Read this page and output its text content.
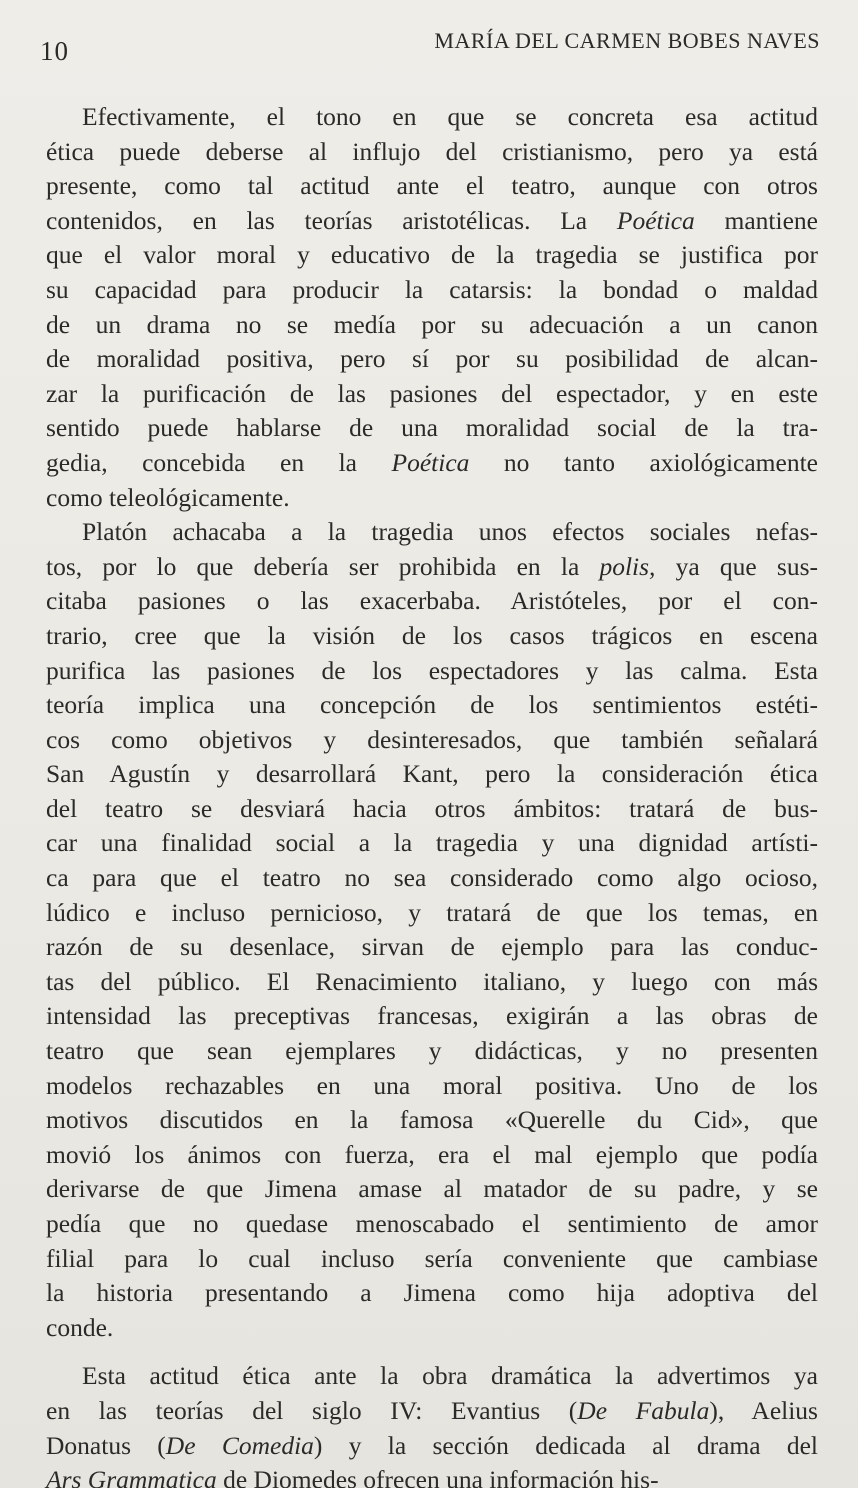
10	MARÍA DEL CARMEN BOBES NAVES
Efectivamente, el tono en que se concreta esa actitud
ética puede deberse al influjo del cristianismo, pero ya está
presente, como tal actitud ante el teatro, aunque con otros
contenidos, en las teorías aristotélicas. La Poética mantiene
que el valor moral y educativo de la tragedia se justifica por
su capacidad para producir la catarsis: la bondad o maldad
de un drama no se medía por su adecuación a un canon
de moralidad positiva, pero sí por su posibilidad de alcan-
zar la purificación de las pasiones del espectador, y en este
sentido puede hablarse de una moralidad social de la tra-
gedia, concebida en la Poética no tanto axiológicamente
como teleológicamente.
Platón achacaba a la tragedia unos efectos sociales nefas-
tos, por lo que debería ser prohibida en la polis, ya que sus-
citaba pasiones o las exacerbaba. Aristóteles, por el con-
trario, cree que la visión de los casos trágicos en escena
purifica las pasiones de los espectadores y las calma. Esta
teoría implica una concepción de los sentimientos estéti-
cos como objetivos y desinteresados, que también señalará
San Agustín y desarrollará Kant, pero la consideración ética
del teatro se desviará hacia otros ámbitos: tratará de bus-
car una finalidad social a la tragedia y una dignidad artísti-
ca para que el teatro no sea considerado como algo ocioso,
lúdico e incluso pernicioso, y tratará de que los temas, en
razón de su desenlace, sirvan de ejemplo para las conduc-
tas del público. El Renacimiento italiano, y luego con más
intensidad las preceptivas francesas, exigirán a las obras de
teatro que sean ejemplares y didácticas, y no presenten
modelos rechazables en una moral positiva. Uno de los
motivos discutidos en la famosa «Querelle du Cid», que
movió los ánimos con fuerza, era el mal ejemplo que podía
derivarse de que Jimena amase al matador de su padre, y se
pedía que no quedase menoscabado el sentimiento de amor
filial para lo cual incluso sería conveniente que cambiase
la historia presentando a Jimena como hija adoptiva del
conde.
Esta actitud ética ante la obra dramática la advertimos ya
en las teorías del siglo IV: Evantius (De Fabula), Aelius
Donatus (De Comedia) y la sección dedicada al drama del
Ars Grammatica de Diomedes ofrecen una información his-
